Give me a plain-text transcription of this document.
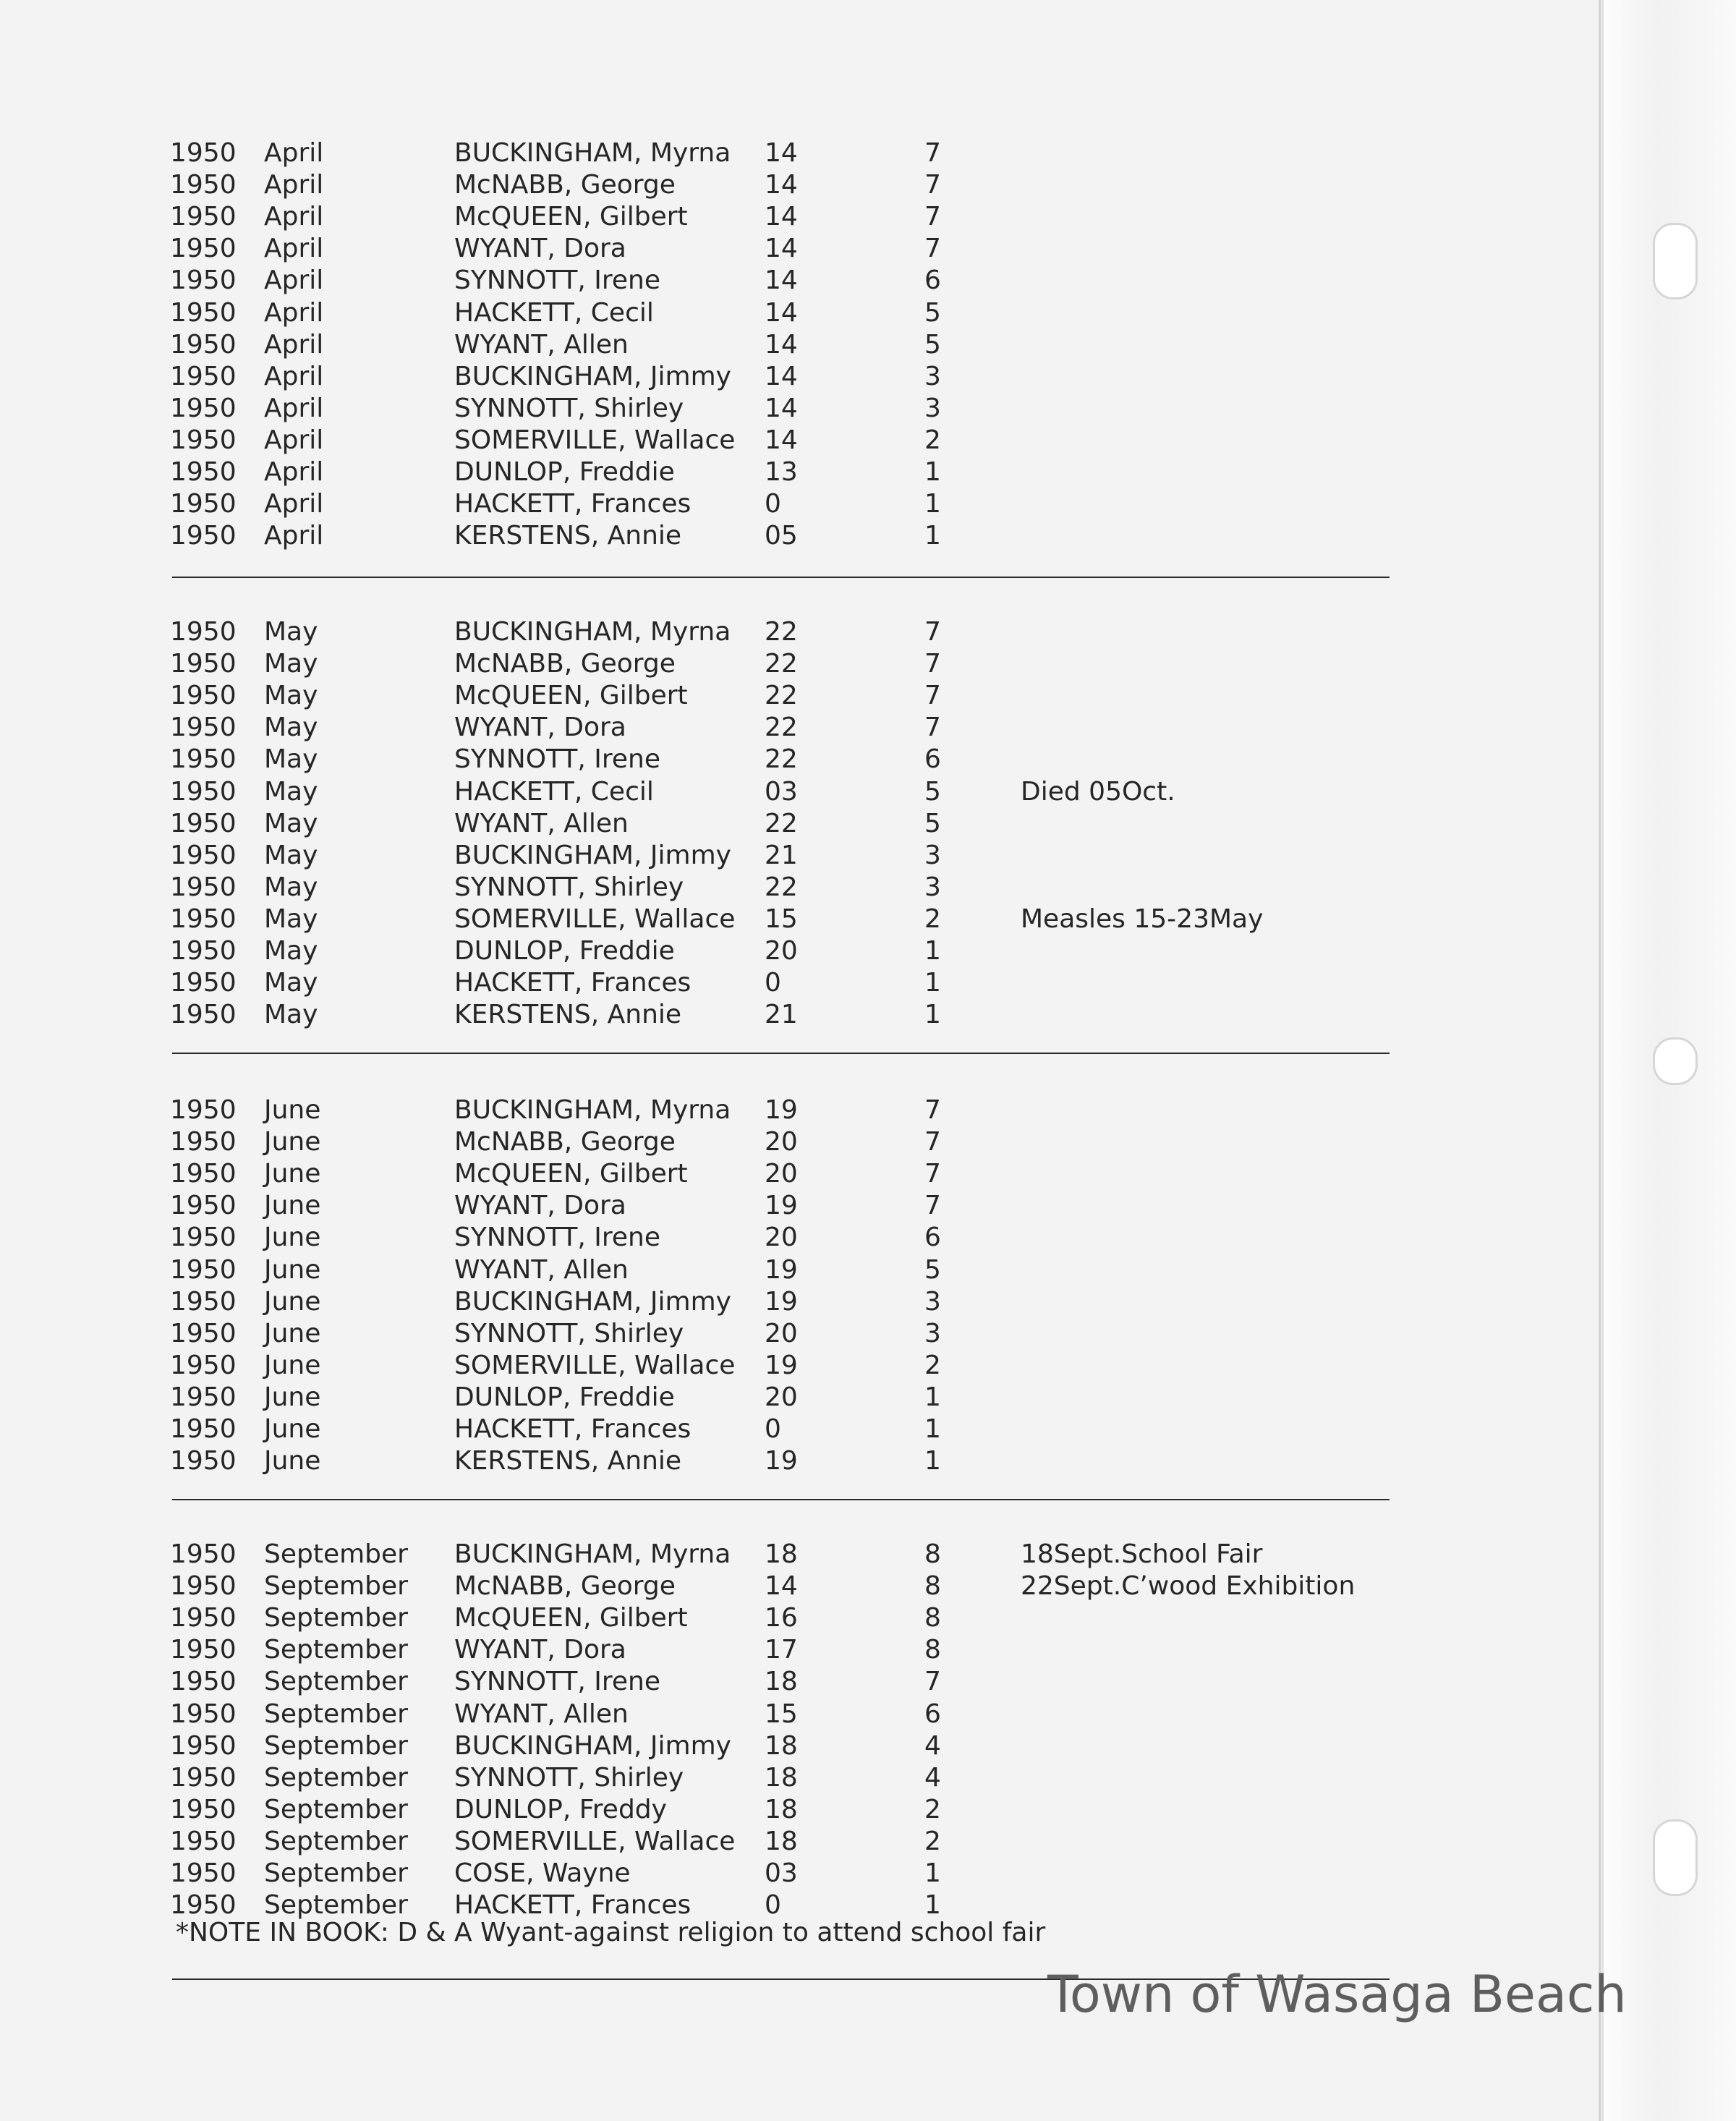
1950 April	BUCKINGHAM, Myrna 14	7
1950 April	McNABB, George	14	7
1950 April	McQUEEN, Gilbert	14	7
1950 April	WYANT, Dora	14	7
1950 April	SYNNOTT, Irene	14	6
1950 April	HACKETT, Cecil	14	5
1950 April	WYANT, Allen	14	5
1950 April	BUCKINGHAM, Jimmy 14	3
1950 April	SYNNOTT, Shirley	14	3
1950 April	SOMERVILLE, Wallace 14	2
1950 April	DUNLOP, Freddie	13	1
1950 April	HACKETT, Frances	0	1
1950 April	KERSTENS, Annie	05	1
1950 May	BUCKINGHAM, Myrna 22	7
1950 May	McNABB, George	22	7
1950 May	McQUEEN, Gilbert	22	7
1950 May	WYANT, Dora	22	7
1950 May	SYNNOTT, Irene	22	6
1950 May	HACKETT, Cecil	03	5	Died 05Oct.
1950 May	WYANT, Allen	22	5
1950 May	BUCKINGHAM, Jimmy 21	3
1950 May	SYNNOTT, Shirley	22	3
1950 May	SOMERVILLE, Wallace 15	2	Measles 15-23May
1950 May	DUNLOP, Freddie	20	1
1950 May	HACKETT, Frances	0	1
1950 May	KERSTENS, Annie	21	1
1950 June	BUCKINGHAM, Myrna 19	7
1950 June	McNABB, George	20	7
1950 June	McQUEEN, Gilbert	20	7
1950 June	WYANT, Dora	19	7
1950 June	SYNNOTT, Irene	20	6
1950 June	WYANT, Allen	19	5
1950 June	BUCKINGHAM, Jimmy 19	3
1950 June	SYNNOTT, Shirley	20	3
1950 June	SOMERVILLE, Wallace 19	2
1950 June	DUNLOP, Freddie	20	1
1950 June	HACKETT, Frances	0	1
1950 June	KERSTENS, Annie	19	1
1950 September BUCKINGHAM, Myrna 18	8	18Sept.School Fair
1950 September McNABB, George	14	8	22Sept.C’wood Exhibition
1950 September McQUEEN, Gilbert	16	8
1950 September WYANT, Dora	17	8
1950 September SYNNOTT, Irene	18	7
1950 September WYANT, Allen	15	6
1950 September BUCKINGHAM, Jimmy 18	4
1950 September SYNNOTT, Shirley	18	4
1950 September DUNLOP, Freddy	18	2
1950 September SOMERVILLE, Wallace 18	2
1950 September COSE, Wayne	03	1
1950 September HACKETT, Frances	0	1
*NOTE IN BOOK: D & A Wyant-against religion to attend school fair
Town of Wasaga Beach
